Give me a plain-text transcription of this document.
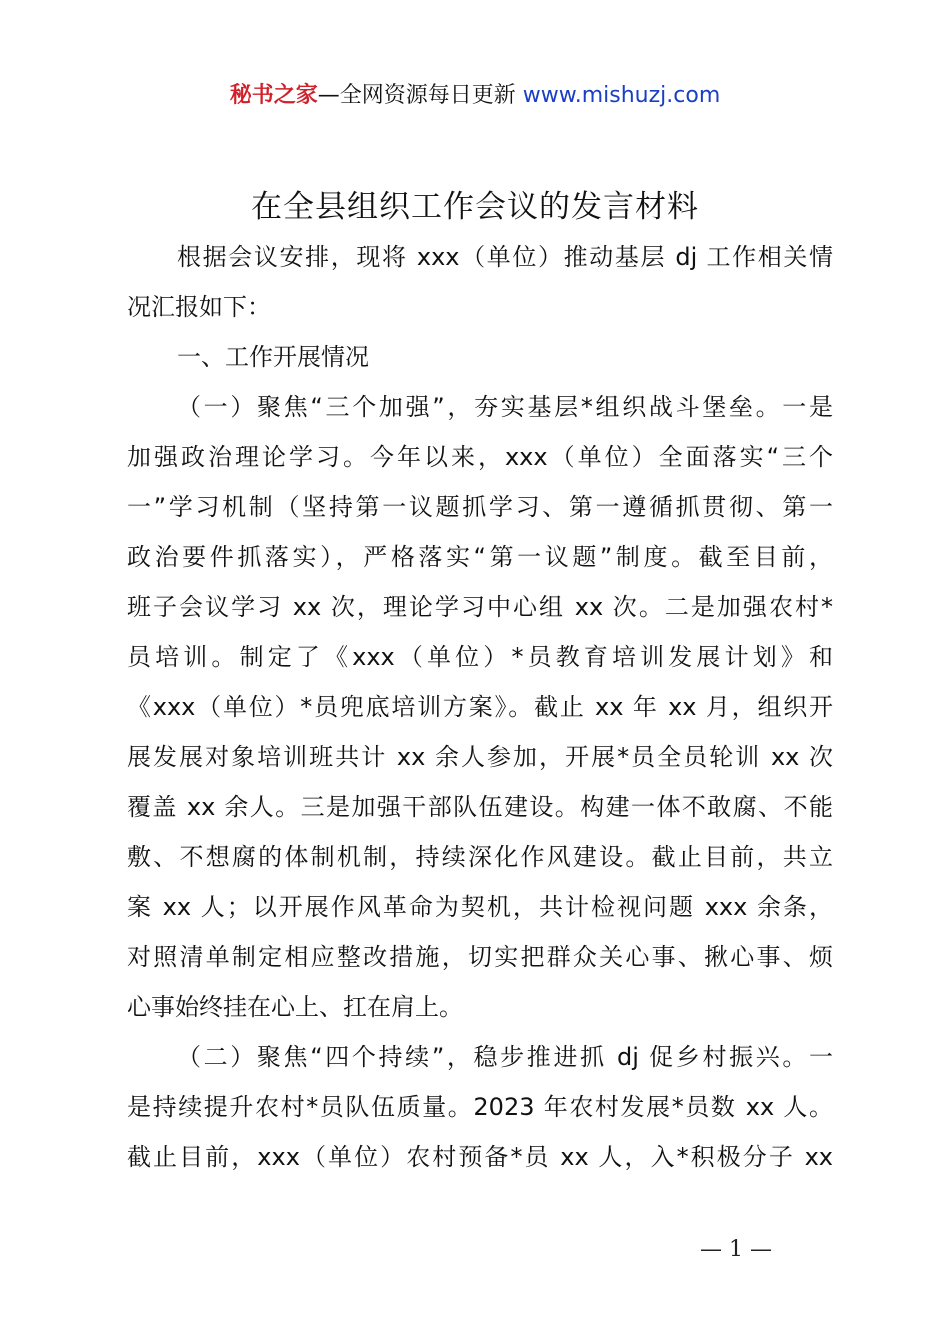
秘书之家—全网资源每日更新 www.mishuzj.com
在全县组织工作会议的发言材料
根据会议安排，现将 xxx（单位）推动基层 dj 工作相关情
况汇报如下：
一、工作开展情况
（一）聚焦“三个加强”，夯实基层*组织战斗堡垒。一是
加强政治理论学习。今年以来，xxx（单位）全面落实“三个
一”学习机制（坚持第一议题抓学习、第一遵循抓贯彻、第一
政治要件抓落实），严格落实“第一议题”制度。截至目前，
班子会议学习 xx 次，理论学习中心组 xx 次。二是加强农村*
员培训。制定了《xxx（单位）*员教育培训发展计划》和
《xxx（单位）*员兜底培训方案》。截止 xx 年 xx 月，组织开
展发展对象培训班共计 xx 余人参加，开展*员全员轮训 xx 次
覆盖 xx 余人。三是加强干部队伍建设。构建一体不敢腐、不能
敷、不想腐的体制机制，持续深化作风建设。截止目前，共立
案 xx 人；以开展作风革命为契机，共计检视问题 xxx 余条，
对照清单制定相应整改措施，切实把群众关心事、揪心事、烦
心事始终挂在心上、扛在肩上。
（二）聚焦“四个持续”，稳步推进抓 dj 促乡村振兴。一
是持续提升农村*员队伍质量。2023 年农村发展*员数 xx 人。
截止目前，xxx（单位）农村预备*员 xx 人，入*积极分子 xx
— 1 —
